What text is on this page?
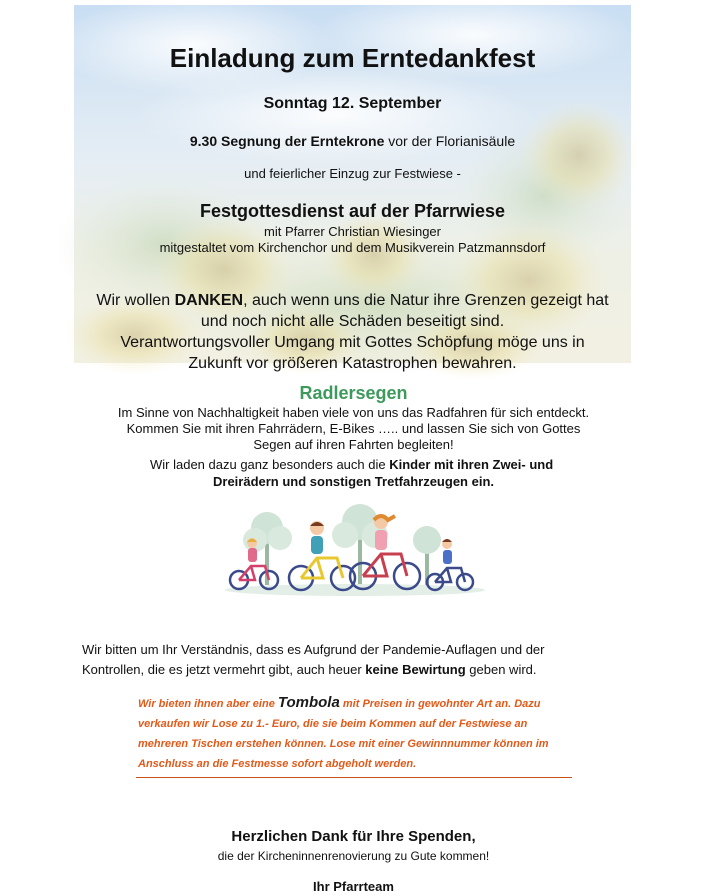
Einladung zum Erntedankfest
Sonntag 12. September
9.30 Segnung der Erntekrone vor der Florianisäule
und feierlicher Einzug zur Festwiese -
Festgottesdienst auf der Pfarrwiese
mit Pfarrer Christian Wiesinger
mitgestaltet vom Kirchenchor und dem Musikverein Patzmannsdorf
Wir wollen DANKEN, auch wenn uns die Natur ihre Grenzen gezeigt hat
und noch nicht alle Schäden beseitigt sind.
Verantwortungsvoller Umgang mit Gottes Schöpfung möge uns in
Zukunft vor größeren Katastrophen bewahren.
Radlersegen
Im Sinne von Nachhaltigkeit haben viele von uns das Radfahren für sich entdeckt.
Kommen Sie mit ihren Fahrrädern, E-Bikes ….. und lassen Sie sich von Gottes
Segen auf ihren Fahrten begleiten!
Wir laden dazu ganz besonders auch die Kinder mit ihren Zwei- und
Dreirädern und sonstigen Tretfahrzeugen ein.
Wir bitten um Ihr Verständnis, dass es Aufgrund der Pandemie-Auflagen und der
Kontrollen, die es jetzt vermehrt gibt, auch heuer keine Bewirtung geben wird.
Wir bieten ihnen aber eine Tombola mit Preisen in gewohnter Art an. Dazu
verkaufen wir Lose zu 1.- Euro, die sie beim Kommen auf der Festwiese an
mehreren Tischen erstehen können. Lose mit einer Gewinnnummer können im
Anschluss an die Festmesse sofort abgeholt werden.
Herzlichen Dank für Ihre Spenden,
die der Kircheninnenrenovierung zu Gute kommen!
Ihr Pfarrteam
